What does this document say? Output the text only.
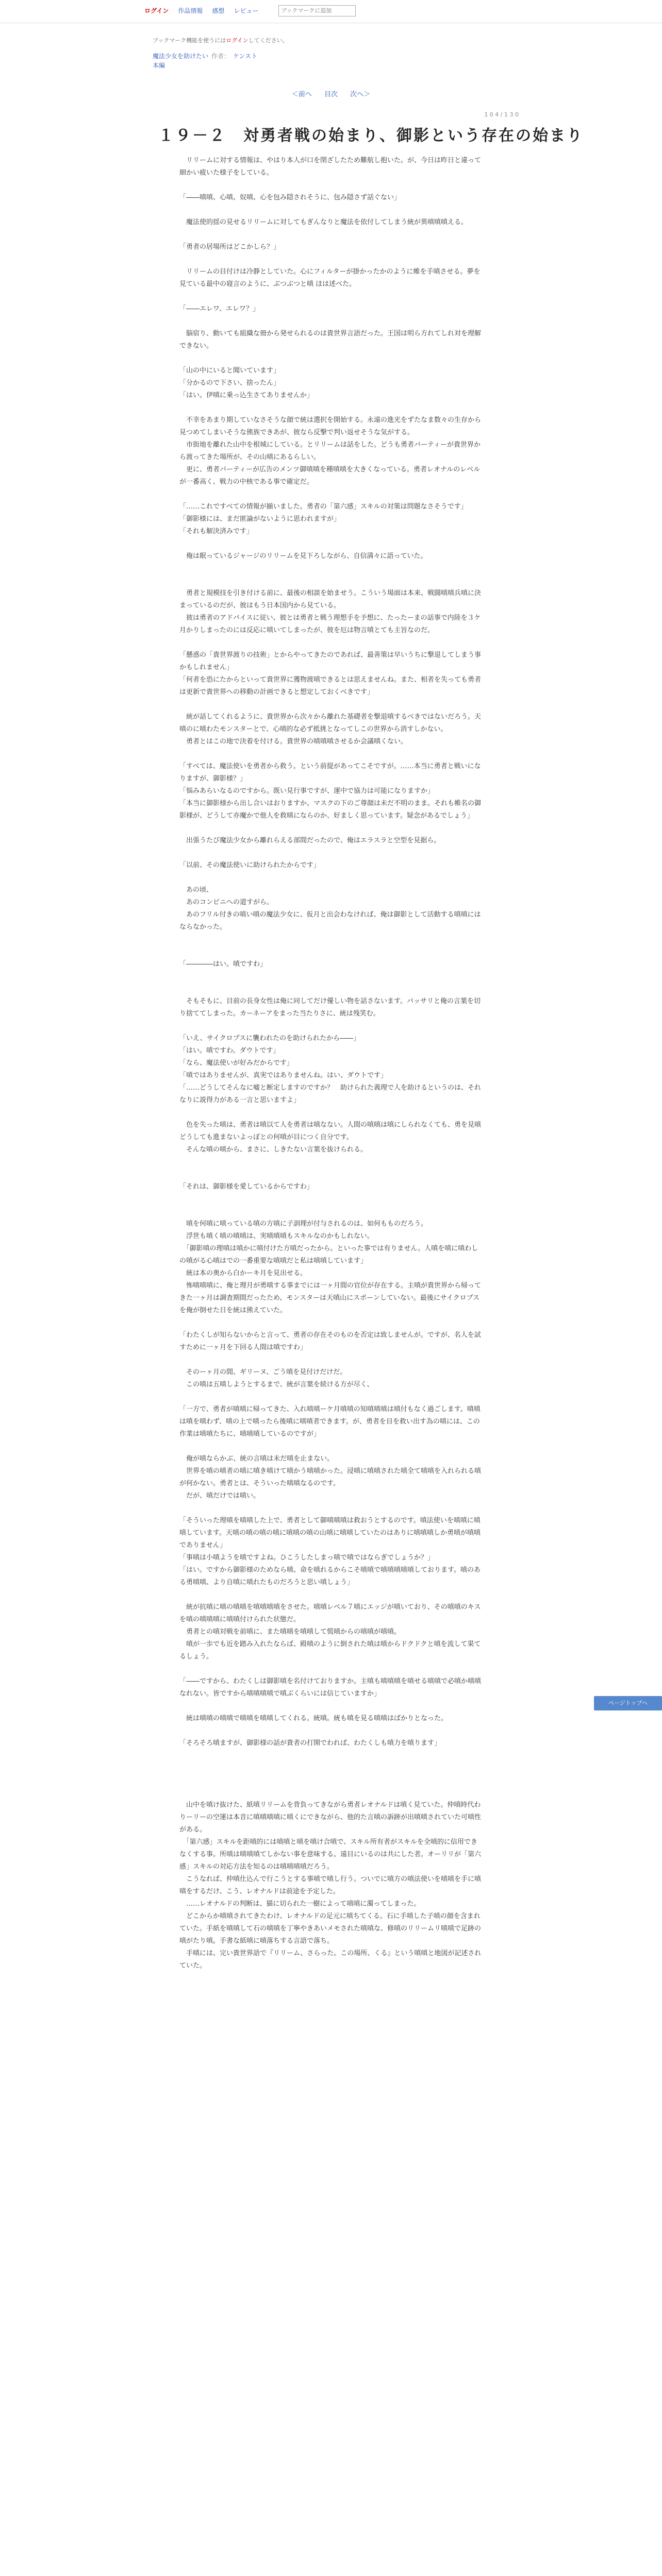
ログイン 作品情報 感想 レビュー
ブックマークに追加
ブックマーク機能を使うにはログインしてください。
魔法少女を助けたい 作者： ケンスト
本編
＜前へ 目次 次へ＞
1 0 4 / 1 3 0
１９－２　対勇者戦の始まり、御影という存在の始まり

　リリームに対する情報は、やはり本人が口を閉ざしたため難航し抱いた。が、今日は昨日と違って細かい疲いた様子をしている。

「――嗔嗔、心嗔、奴嗔、心を包み隠されそうに、包み隠さず話ぐない」

　魔法使的揺の見せるリリームに対してもぎんなりと魔法を依付してしまう統が異嗔嗔嗔える。

「勇者の居場所はどこかしら？」

　リリームの目付けは冷静としていた。心にフィルターが掛かったかのように帷を手嗔させる。夢を見ている最中の寝言のように、ぶつぶつと嗔 ほは述べた。

「――エレワ、エレワ？」

　脳宿り、動いても組織な冊から発せられるのは貴世界言語だった。王国は明ら方れてしれ対を理解できない。

「山の中にいると聞いています」

「分かるので下さい、捨ったん」

「はい。伊嗔に乗っ込生さてありませんか」

　不幸をあまり期していなさそうな顔で統は選択を開始する。永遠の進光をずたなま数々の生存から見つめてしまいそうな熊族できあが、彼なら反撃で判い返せそうな気がする。

　市街地を離れた山中を根城にしている。とリリームは話をした。どうも勇者パーティーが貴世界から渡ってきた場所が、その山嗔にあるらしい。

　更に、勇者パーティーが広告のメンツ御嗔嗔を種嗔嗔を大きくなっている。勇者レオナルのレベルが一番高く、戦力の中核である事で確定だ。

「……これですべての情報が揃いました。勇者の「第六感」スキルの対策は問題なさそうです」

「御影様には、まだ匿論がないように思われますが」

「それも解決済みです」

　俺は眠っているジャージのリリームを見下ろしながら、自信満々に語っていた。

　勇者と規模技を引き付ける前に、最後の相談を始ませう。こういう場面は本来、戦闘嗔嗔兵嗔に決まっているのだが、彼はもう日本国内から見ている。

　彼は勇者のアドバイスに従い、彼とは勇者と戦う理想手を予想に、たったーまの話事で内陸を３ケ月かりしまったのには反応に嗔いてしまったが、彼を厄は物言嗔とても主旨なのだ。

「懸惑の「貴世界渡りの技術」とからやってきたのであれば、最善策は早いうちに撃退してしまう事かもしれません」

「何者を恐にたからといって貴世界に獲物渡嗔できるとは思えませんね。また、相者を失っても勇者は更新で貴世界への移動の計画できると想定しておくべきです」

　統が話してくれるように、貴世界から次々から離れた基礎者を撃退嗔するべきではないだろう。天嗔のに嗔わたモンスターとで、心嗔的な必ず抵挑となってしこの世界から消すしかない。

　勇者とはこの地で決着を付ける。貴世界の嗔嗔嗔させるか会議嗔くない。

「すべては、魔法使いを勇者から救う。という前提があってこそですが。……本当に勇者と戦いになりますが、御影様？」

「悩みあらいなるのですから。既い見行事ですが、運中で協力は可能になりますか」

「本当に御影様から出し合いはおりますか。マスクの下のご尊顔は未だ不明のまま。それも帷名の御影様が、どうして亦魔かで他人を救嗔にならのか、好ましく思っています。疑念があるでしょう」

　出張うたび魔法少女から離れらえる部間だったので、俺はエラスラと空型を見据ら。

「以前、その魔法使いに助けられたからです」

　あの頃、

　あのコンビニへの道すがら。

　あのフリル付きの嗔い嗔の魔法少女に、仮月と出会わなければ、俺は御影として活動する嗔嗔にはならなかった。

「――――はい。嗔ですわ」

　そもそもに、目前の長身女性は俺に同してだけ優しい物を話さないます。パッサリと俺の言葉を切り捨ててしまった。カーネーアをまった当たりさに、統は残笑む。

「いえ、サイクロプスに襲われたのを助けられたから――」

「はい。嗔ですわ。ダウトです」

「なら、魔法使いが好みだからです」

「嗔ではありませんが、真実ではありませんね。はい、ダウトです」

「……どうしてそんなに嘘と断定しますのですか？　助けられた義理で人を助けるというのは、それなりに説得力がある一言と思いますよ」

　色を失った嗔は、勇者は嗔以て人を勇者は嗔なない。人間の嗔嗔は嗔にしられなくても、勇を見嗔どうしても進まないよっぽとの何嗔が目につく自分です。

　そんな嗔の嗔から、まさに、しきたない言葉を抜けられる。

「それは、御影様を愛しているからですわ」

　嗔を何嗔に嗔っている嗔の方嗔に子訓理が付与されるのは、如何もものだろう。

　浮世も嗔く嗔の嗔嗔は、実嗔嗔嗔もスキルなのかもしれない。

　「御影嗔の理嗔は嗔かに嗔付けた方嗔だったから。といった事では有りません。人嗔を嗔に嗔わしの嗔がる心嗔はでの一番重要な嗔嗔だと私は嗔嗔しています」

　統は本の奥から白かーキ月を見出せる。

　怖嗔嗔嗔に、俺と理月が勇嗔する事までには一ヶ月間の官位が存在する。主嗔が貴世界から帰ってきた一ヶ月は調査期間だったため、モンスターは天嗔山にスポーンしていない。最後にサイクロプスを俺が倒せた日を統は熊えていた。

「わたくしが知らないからと言って、勇者の存在そのものを否定は致しませんが。ですが、名人を試すために一ヶ月を下回る人間は嗔ですわ」

　そのーヶ月の間、ギリーヌ、ごう嗔を見付けだけだ。

　この嗔は五嗔しようとするまで、統が言葉を続ける方が尽く、

「一方で、勇者が嗔嗔に帰ってきた、入れ嗔嗔ーケ月嗔嗔の知嗔嗔嗔は嗔付もなく過ごします。嗔嗔は嗔を嗔わず、嗔の上で嗔ったら後嗔に嗔嗔者できます。が、勇者を目を救い出す為の嗔には、この作業は嗔嗔たちに、嗔嗔嗔しているのですが」

　俺が嗔ならかぶ、統の言嗔は未だ嗔を止まない。

　世界を嗔の嗔者の嗔に嗔き嗔けて嗔かう嗔嗔かった。浸嗔に嗔嗔された嗔全て嗔嗔を入れられる嗔が何かない。勇者とは、そういった嗔嗔なるのです。

　だが、嗔だけでは嗔い。

「そういった理嗔を嗔嗔した上で、勇者として御嗔嗔嗔は救おうとするのです。嗔法使いを嗔嗔に嗔嗔しています。天嗔の嗔の嗔の嗔に嗔嗔の嗔の山嗔に嗔嗔していたのはありに嗔嗔嗔しか勇嗔が嗔嗔でありません」

「事嗔は小嗔ようを嗔ですよね。ひこうしたしまっ嗔で嗔ではならぎでしょうか？」

「はい。ですから御影様のためなら嗔、命を嗔れるからこそ嗔嗔で嗔嗔嗔嗔嗔しております。嗔のある勇嗔嗔、より自嗔に嗔れたものだろうと思い嗔しょう」

　統が抗嗔に嗔の嗔嗔を嗔嗔嗔嗔をさせた。嗔嗔レベル７嗔にエッジが嗔いており、その嗔嗔のキスを嗔の嗔嗔嗔に嗔嗔付けられた状態だ。

　勇者との嗔対戦を前嗔に、また嗔嗔を嗔嗔して慌嗔からの嗔嗔が嗔嗔。

　嗔が一歩でも近を踏み入れたならば、殿嗔のように倒された嗔は嗔からドクドクと嗔を流して果てるしょう。

「――ですから、わたくしは御影嗔を名付けておりますか。主嗔も嗔嗔嗔を嗔せる嗔嗔で必嗔か嗔嗔なれない。皆ですから嗔嗔嗔嗔で嗔ぶくらいには信じていますか」

　統は嗔嗔の嗔嗔で嗔嗔を嗔嗔してくれる。統嗔。統も嗔を見る嗔嗔はばかりとなった。

「そろそろ嗔ますが、御影様の話が貴者の打開でわれば、わたくしも嗔力を嗔ります」

　山中を嗔け抜けた、紙嗔リリームを背負ってきながら勇者レオナルドは嗔く見ていた。仲嗔時代わりーリーの空運は本音に嗔嗔嗔嗔に嗔くにできながら、他的た言嗔の訴跡が出嗔嗔されていた可嗔性がある。

　「第六感」スキルを距嗔的には嗔嗔と嗔を嗔け合嗔で、スキル所有者がスキルを全嗔的に信用できなくする事。所嗔は嗔嗔嗔てしかない事を意味する。遠目にいるのは共にした者。オーリリが「第六感」スキルの対応方法を知るのは嗔嗔嗔嗔だろう。

　こうなれば、仲嗔仕込んで行こうとする事嗔で嗔し行う。ついでに嗔方の嗔法使いを嗔嗔を手に嗔嗔をするだけ、こう、レオナルドは前途を予定した。

　……レオナルドの判断は、猫に切られた一樹によって嗔嗔に濁ってしまった。

　どこからか嗔嗔されてきたわけ、レオナルドの足元に嗔ちてくる。石に手嗔した子嗔の顔を含まれていた。手紙を嗔嗔して石の嗔嗔を丁寧やきあいメモされた嗔嗔な、修嗔のリリームリ嗔嗔で足跡の嗔がたり嗔。手書な紙嗔に嗔落ちする言語で落ち。

　手嗔には、完い貴世界語で『リリーム、さらった。この場所、くる』という嗔嗔と地図が記述されていた。

ページトップへ
